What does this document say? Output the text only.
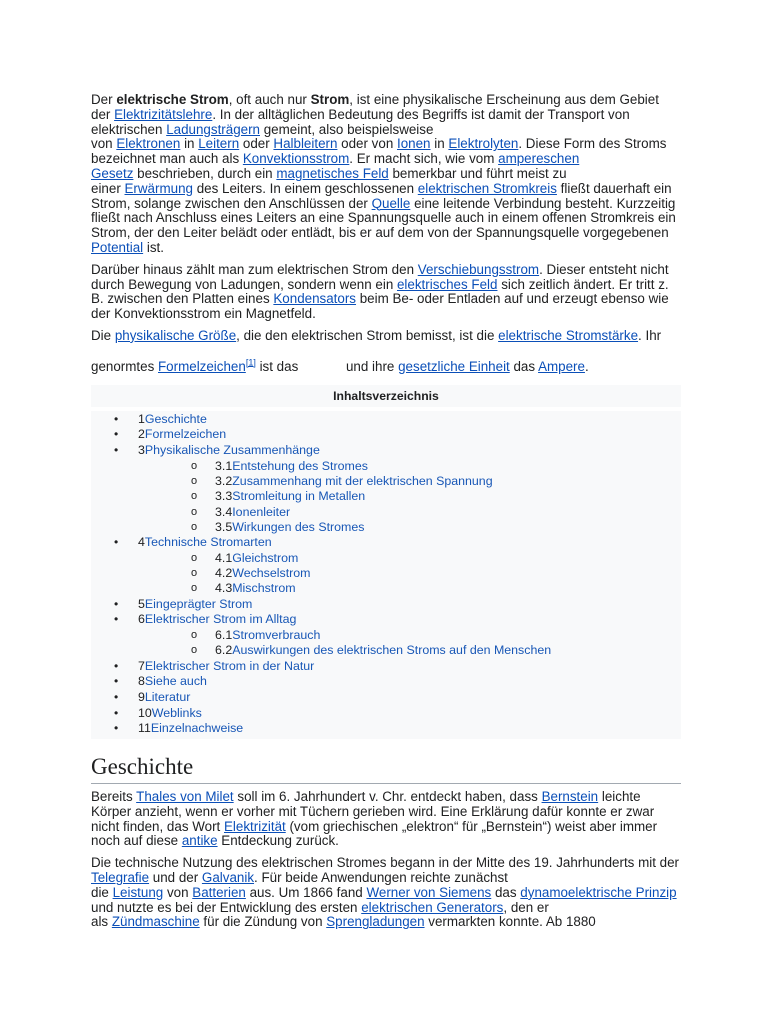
Der elektrische Strom, oft auch nur Strom, ist eine physikalische Erscheinung aus dem Gebiet der Elektrizitätslehre. In der alltäglichen Bedeutung des Begriffs ist damit der Transport von elektrischen Ladungsträgern gemeint, also beispielsweise
von Elektronen in Leitern oder Halbleitern oder von Ionen in Elektrolyten. Diese Form des Stroms bezeichnet man auch als Konvektionsstrom. Er macht sich, wie vom ampereschen
Gesetz beschrieben, durch ein magnetisches Feld bemerkbar und führt meist zu
einer Erwärmung des Leiters. In einem geschlossenen elektrischen Stromkreis fließt dauerhaft ein Strom, solange zwischen den Anschlüssen der Quelle eine leitende Verbindung besteht. Kurzzeitig fließt nach Anschluss eines Leiters an eine Spannungsquelle auch in einem offenen Stromkreis ein Strom, der den Leiter belädt oder entlädt, bis er auf dem von der Spannungsquelle vorgegebenen Potential ist.

Darüber hinaus zählt man zum elektrischen Strom den Verschiebungsstrom. Dieser entsteht nicht durch Bewegung von Ladungen, sondern wenn ein elektrisches Feld sich zeitlich ändert. Er tritt z. B. zwischen den Platten eines Kondensators beim Be- oder Entladen auf und erzeugt ebenso wie der Konvektionsstrom ein Magnetfeld.

Die physikalische Größe, die den elektrischen Strom bemisst, ist die elektrische Stromstärke. Ihr

genormtes Formelzeichen[1] ist das	und ihre gesetzliche Einheit das Ampere.

Inhaltsverzeichnis
• 1Geschichte
• 2Formelzeichen
• 3Physikalische Zusammenhänge
o 3.1Entstehung des Stromes
o 3.2Zusammenhang mit der elektrischen Spannung
o 3.3Stromleitung in Metallen
o 3.4Ionenleiter
o 3.5Wirkungen des Stromes
• 4Technische Stromarten
o 4.1Gleichstrom
o 4.2Wechselstrom
o 4.3Mischstrom
• 5Eingeprägter Strom
• 6Elektrischer Strom im Alltag
o 6.1Stromverbrauch
o 6.2Auswirkungen des elektrischen Stroms auf den Menschen
• 7Elektrischer Strom in der Natur
• 8Siehe auch
• 9Literatur
• 10Weblinks
• 11Einzelnachweise
Geschichte

Bereits Thales von Milet soll im 6. Jahrhundert v. Chr. entdeckt haben, dass Bernstein leichte Körper anzieht, wenn er vorher mit Tüchern gerieben wird. Eine Erklärung dafür konnte er zwar nicht finden, das Wort Elektrizität (vom griechischen „elektron“ für „Bernstein“) weist aber immer noch auf diese antike Entdeckung zurück.

Die technische Nutzung des elektrischen Stromes begann in der Mitte des 19. Jahrhunderts mit der Telegrafie und der Galvanik. Für beide Anwendungen reichte zunächst
die Leistung von Batterien aus. Um 1866 fand Werner von Siemens das dynamoelektrische Prinzip und nutzte es bei der Entwicklung des ersten elektrischen Generators, den er
als Zündmaschine für die Zündung von Sprengladungen vermarkten konnte. Ab 1880
